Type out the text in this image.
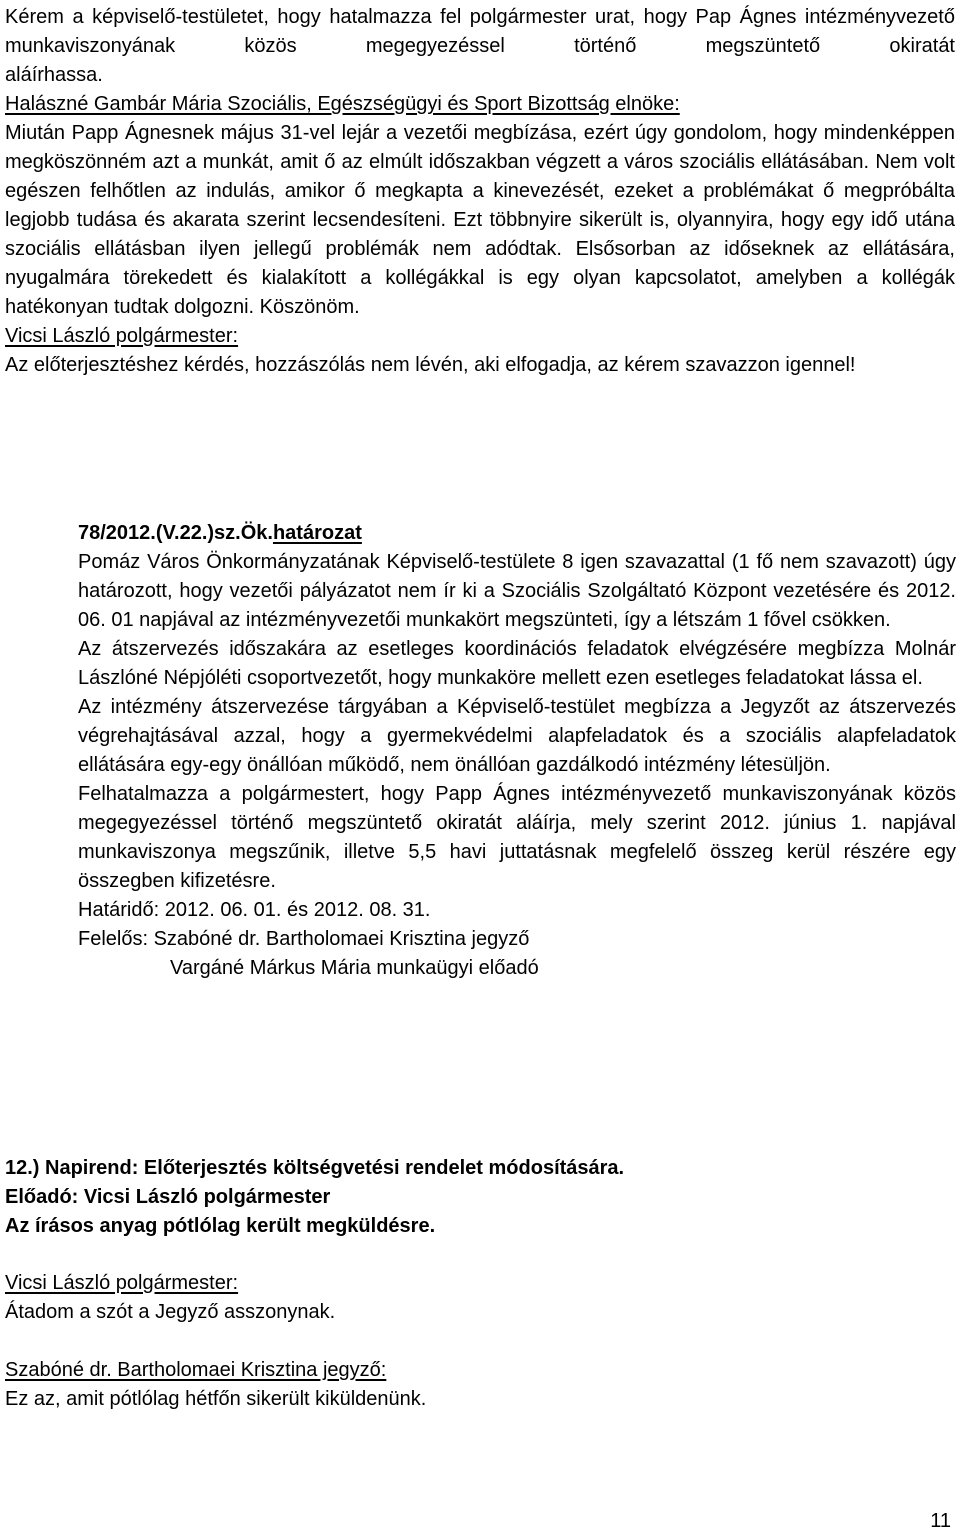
Kérem a képviselő-testületet, hogy hatalmazza fel polgármester urat, hogy Pap Ágnes intézményvezető
munkaviszonyának közös megegyezéssel történő megszüntető okiratát
aláírhassa.
Halászné Gambár Mária Szociális, Egészségügyi és Sport Bizottság elnöke:
Miután Papp Ágnesnek május 31-vel lejár a vezetői megbízása, ezért úgy gondolom, hogy mindenképpen megköszönném azt a munkát, amit ő az elmúlt időszakban végzett a város szociális ellátásában. Nem volt egészen felhőtlen az indulás, amikor ő megkapta a kinevezését, ezeket a problémákat ő megpróbálta legjobb tudása és akarata szerint lecsendesíteni. Ezt többnyire sikerült is, olyannyira, hogy egy idő utána szociális ellátásban ilyen jellegű problémák nem adódtak. Elsősorban az időseknek az ellátására, nyugalmára törekedett és kialakított a kollégákkal is egy olyan kapcsolatot, amelyben a kollégák hatékonyan tudtak dolgozni. Köszönöm.
Vicsi László polgármester:
Az előterjesztéshez kérdés, hozzászólás nem lévén, aki elfogadja, az kérem szavazzon igennel!
78/2012.(V.22.)sz.Ök.határozat
Pomáz Város Önkormányzatának Képviselő-testülete 8 igen szavazattal (1 fő nem szavazott) úgy határozott, hogy vezetői pályázatot nem ír ki a Szociális Szolgáltató Központ vezetésére és 2012. 06. 01 napjával az intézményvezetői munkakört megszünteti, így a létszám 1 fővel csökken.
Az átszervezés időszakára az esetleges koordinációs feladatok elvégzésére megbízza Molnár Lászlóné Népjóléti csoportvezetőt, hogy munkaköre mellett ezen esetleges feladatokat lássa el.
Az intézmény átszervezése tárgyában a Képviselő-testület megbízza a Jegyzőt az átszervezés végrehajtásával azzal, hogy a gyermekvédelmi alapfeladatok és a szociális alapfeladatok ellátására egy-egy önállóan működő, nem önállóan gazdálkodó intézmény létesüljön.
Felhatalmazza a polgármestert, hogy Papp Ágnes intézményvezető munkaviszonyának közös megegyezéssel történő megszüntető okiratát aláírja, mely szerint 2012. június 1. napjával munkaviszonya megszűnik, illetve 5,5 havi juttatásnak megfelelő összeg kerül részére egy összegben kifizetésre.
Határidő: 2012. 06. 01. és 2012. 08. 31.
Felelős: Szabóné dr. Bartholomaei Krisztina jegyző
Vargáné Márkus Mária munkaügyi előadó
12.) Napirend: Előterjesztés költségvetési rendelet módosítására.
Előadó: Vicsi László polgármester
Az írásos anyag pótlólag került megküldésre.
Vicsi László polgármester:
Átadom a szót a Jegyző asszonynak.
Szabóné dr. Bartholomaei Krisztina jegyző:
Ez az, amit pótlólag hétfőn sikerült kiküldenünk.
11
